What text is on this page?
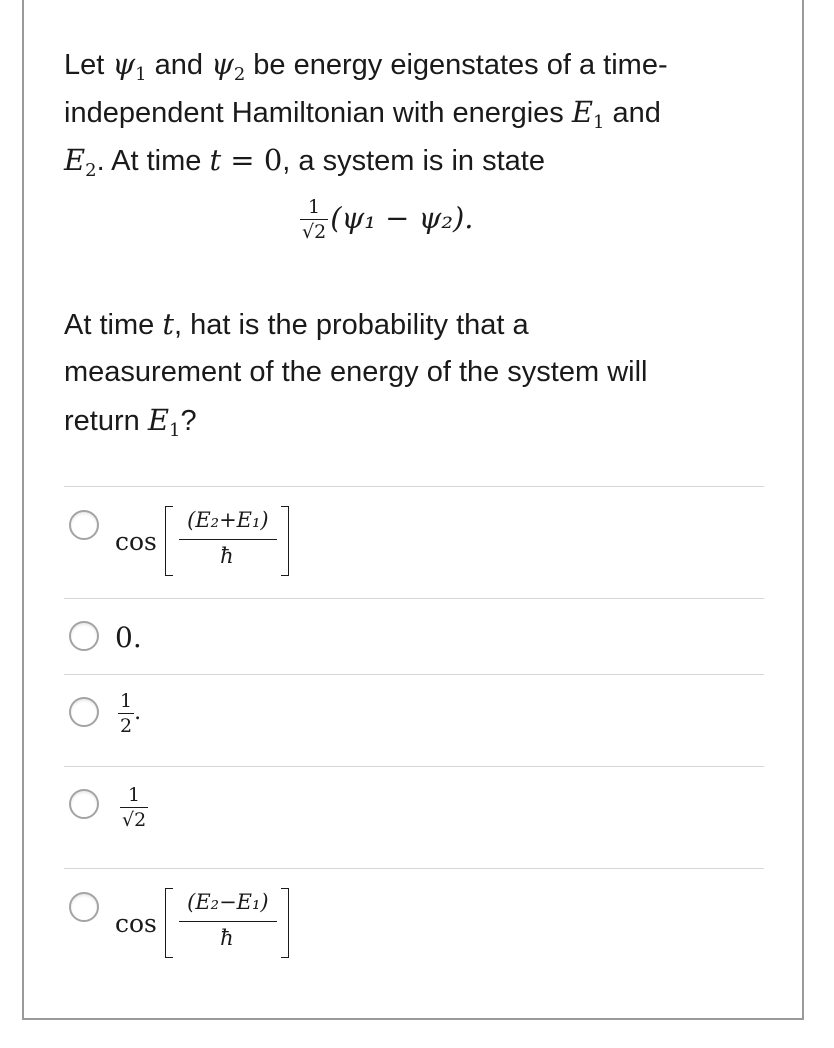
Let $\psi_1$ and $\psi_2$ be energy eigenstates of a time-
independent Hamiltonian with energies $E_1$ and
$E_2$. At time t = 0, a system is in state
At time t, hat is the probability that a
measurement of the energy of the system will
return $E_1$?
$\frac{1}{√2} (\psi_1 - \psi_2)$.
cos
(E₂+E₁)
ħ
0.
$\frac{1}{2}$ .
$\frac{1}{√2}$
cos
(E₂−E₁)
ħ
